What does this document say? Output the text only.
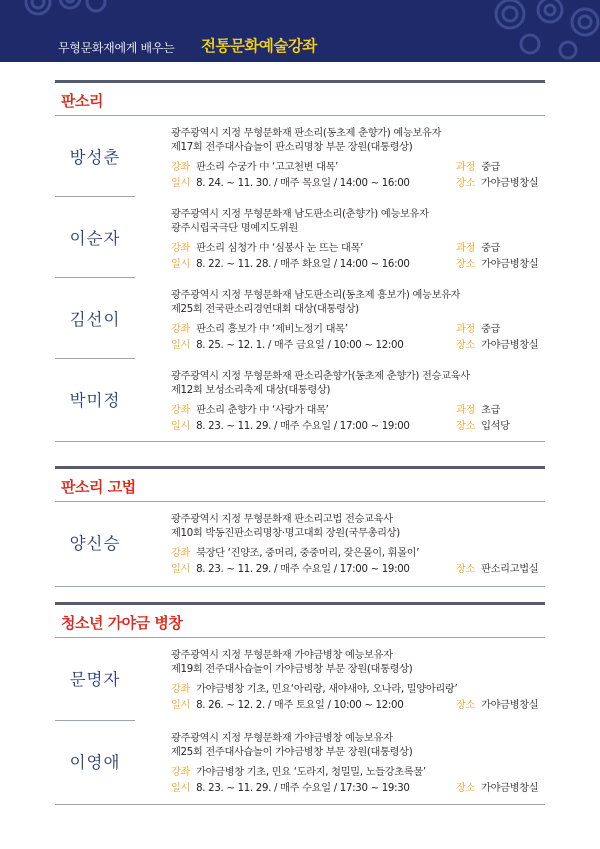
무형문화재에게 배우는 전통문화예술강좌
판소리
방성춘
광주광역시 지정 무형문화재 판소리(동초제 춘향가) 예능보유자
제17회 전주대사습놀이 판소리명창 부문 장원(대통령상)
강좌 판소리 수궁가 中 ‘고고천변 대목’	과정 중급
일시 8. 24. ~ 11. 30. / 매주 목요일 / 14:00 ~ 16:00	장소 가야금병창실
이순자
광주광역시 지정 무형문화재 남도판소리(춘향가) 예능보유자
광주시립국극단 명예지도위원
강좌 판소리 심청가 中 ‘심봉사 눈 뜨는 대목’	과정 중급
일시 8. 22. ~ 11. 28. / 매주 화요일 / 14:00 ~ 16:00	장소 가야금병창실
김선이
광주광역시 지정 무형문화재 남도판소리(동초제 흥보가) 예능보유자
제25회 전국판소리경연대회 대상(대통령상)
강좌 판소리 흥보가 中 ‘제비노정기 대목’	과정 중급
일시 8. 25. ~ 12. 1. / 매주 금요일 / 10:00 ~ 12:00	장소 가야금병창실
박미정
광주광역시 지정 무형문화재 판소리춘향가(동초제 춘향가) 전승교육사
제12회 보성소리축제 대상(대통령상)
강좌 판소리 춘향가 中 ‘사랑가 대목’	과정 초급
일시 8. 23. ~ 11. 29. / 매주 수요일 / 17:00 ~ 19:00	장소 입석당
판소리 고법
양신승
광주광역시 지정 무형문화재 판소리고법 전승교육사
제10회 박동진판소리명창·명고대회 장원(국무총리상)
강좌 북장단 ‘진양조, 중머리, 중중머리, 잦은몰이, 휘몰이’
일시 8. 23. ~ 11. 29. / 매주 수요일 / 17:00 ~ 19:00	장소 판소리고법실
청소년 가야금 병창
문명자
광주광역시 지정 무형문화재 가야금병창 예능보유자
제19회 전주대사습놀이 가야금병창 부문 장원(대통령상)
강좌 가야금병창 기초, 민요‘아리랑, 새야새야, 오나라, 밀양아리랑’
일시 8. 26. ~ 12. 2. / 매주 토요일 / 10:00 ~ 12:00	장소 가야금병창실
이영애
광주광역시 지정 무형문화재 가야금병창 예능보유자
제25회 전주대사습놀이 가야금병창 부문 장원(대통령상)
강좌 가야금병창 기초, 민요 ‘도라지, 청밀밀, 노들강초록물’
일시 8. 23. ~ 11. 29. / 매주 수요일 / 17:30 ~ 19:30	장소 가야금병창실
